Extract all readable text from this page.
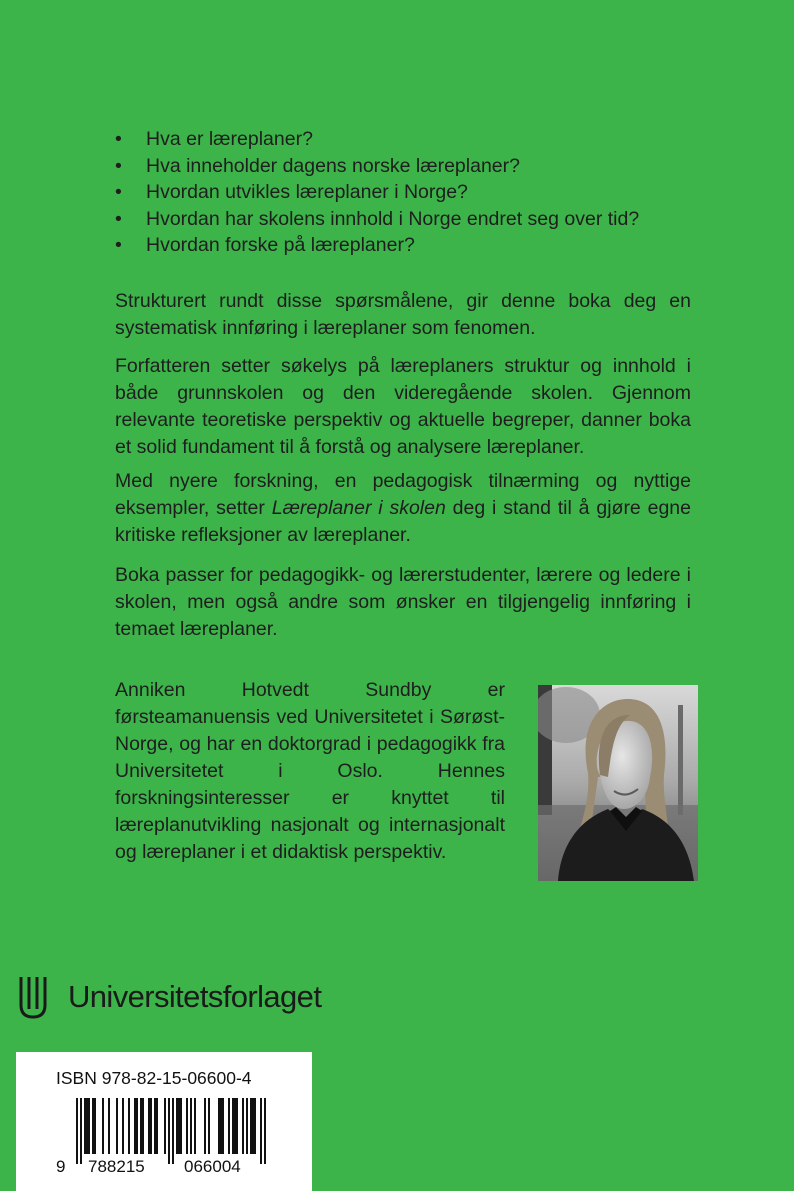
• Hva er læreplaner?
• Hva inneholder dagens norske læreplaner?
• Hvordan utvikles læreplaner i Norge?
• Hvordan har skolens innhold i Norge endret seg over tid?
• Hvordan forske på læreplaner?

Strukturert rundt disse spørsmålene, gir denne boka deg en systematisk innføring i læreplaner som fenomen.

Forfatteren setter søkelys på læreplaners struktur og innhold i både grunnskolen og den videregående skolen. Gjennom relevante teoretiske perspektiv og aktuelle begreper, danner boka et solid fundament til å forstå og analysere læreplaner.

Med nyere forskning, en pedagogisk tilnærming og nyttige eksempler, setter Læreplaner i skolen deg i stand til å gjøre egne kritiske refleksjoner av læreplaner.

Boka passer for pedagogikk- og lærerstudenter, lærere og ledere i skolen, men også andre som ønsker en tilgjengelig innføring i temaet læreplaner.

Anniken Hotvedt Sundby er førsteamanuensis ved Universitetet i Sørøst-Norge, og har en doktorgrad i pedagogikk fra Universitetet i Oslo. Hennes forskningsinteresser er knyttet til læreplanutvikling nasjonalt og internasjonalt og læreplaner i et didaktisk perspektiv.

Universitetsforlaget
ISBN 978-82-15-06600-4
9 788215 066004
